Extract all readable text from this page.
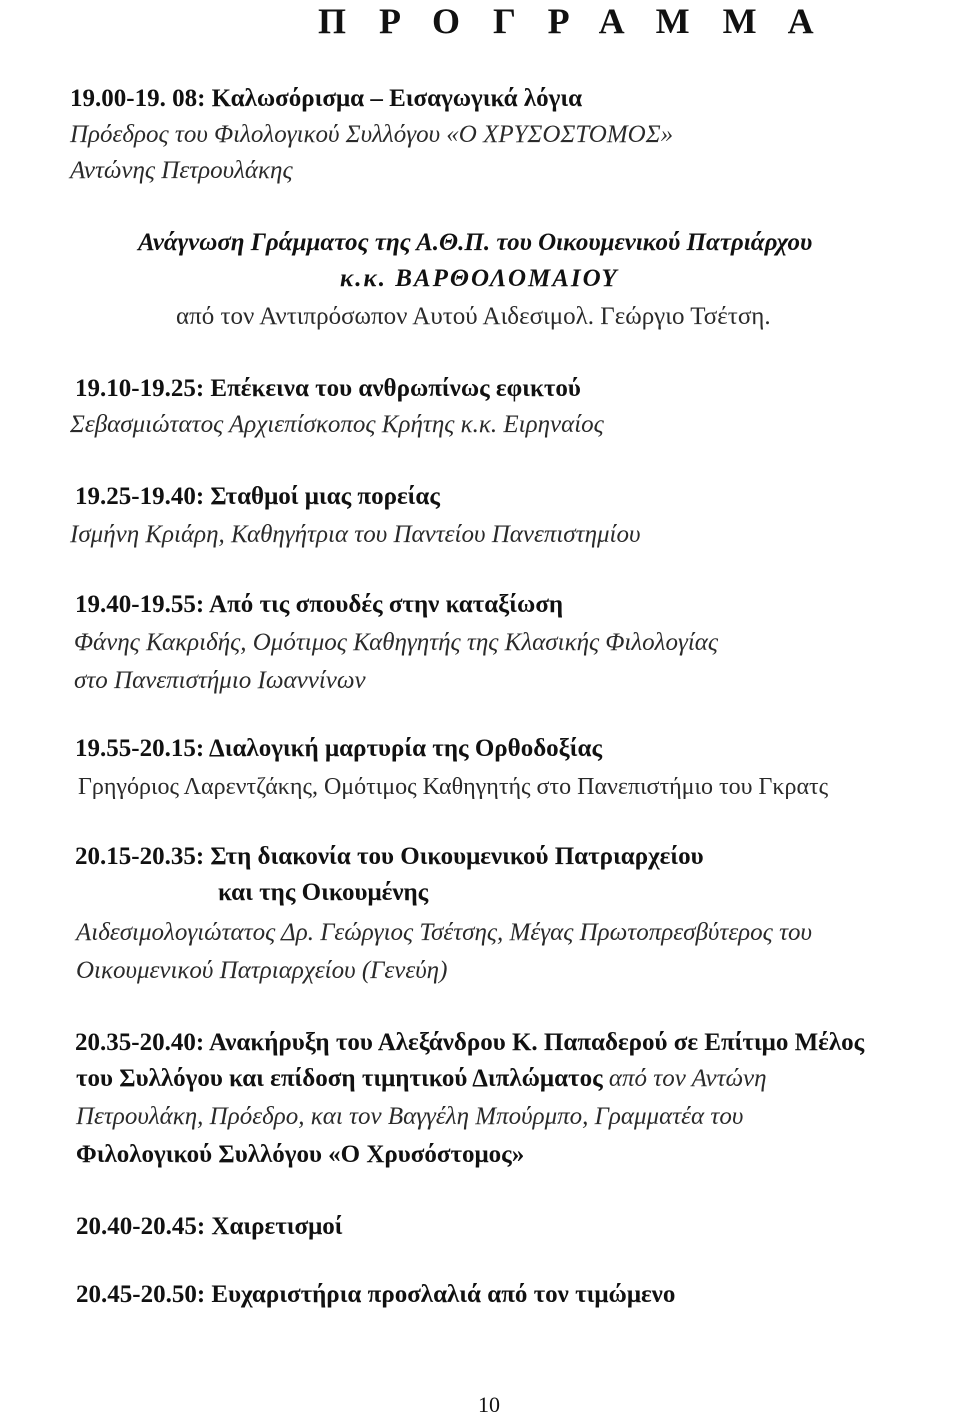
Π Ρ Ο Γ Ρ Α Μ Μ Α
19.00-19. 08: Καλωσόρισμα – Εισαγωγικά λόγια
Πρόεδρος του Φιλολογικού Συλλόγου «Ο ΧΡΥΣΟΣΤΟΜΟΣ»
Αντώνης Πετρουλάκης
Ανάγνωση Γράμματος της Α.Θ.Π. του Οικουμενικού Πατριάρχου
κ.κ. ΒΑΡΘΟΛΟΜΑΙΟΥ
από τον Αντιπρόσωπον Αυτού Αιδεσιμολ. Γεώργιο Τσέτση.
19.10-19.25: Επέκεινα του ανθρωπίνως εφικτού
Σεβασμιώτατος Αρχιεπίσκοπος Κρήτης κ.κ. Ειρηναίος
19.25-19.40: Σταθμοί μιας πορείας
Ισμήνη Κριάρη, Καθηγήτρια του Παντείου Πανεπιστημίου
19.40-19.55: Από τις σπουδές στην καταξίωση
Φάνης Κακριδής, Ομότιμος Καθηγητής της Κλασικής Φιλολογίας
στο Πανεπιστήμιο Ιωαννίνων
19.55-20.15: Διαλογική μαρτυρία της Ορθοδοξίας
Γρηγόριος Λαρεντζάκης, Ομότιμος Καθηγητής στο Πανεπιστήμιο του Γκρατς
20.15-20.35: Στη διακονία του Οικουμενικού Πατριαρχείου
και της Οικουμένης
Αιδεσιμολογιώτατος Δρ. Γεώργιος Τσέτσης, Μέγας Πρωτοπρεσβύτερος του
Οικουμενικού Πατριαρχείου (Γενεύη)
20.35-20.40: Ανακήρυξη του Αλεξάνδρου Κ. Παπαδερού σε Επίτιμο Μέλος
του Συλλόγου και επίδοση τιμητικού Διπλώματος από τον Αντώνη
Πετρουλάκη, Πρόεδρο, και τον Βαγγέλη Μπούρμπο, Γραμματέα του
Φιλολογικού Συλλόγου «Ο Χρυσόστομος»
20.40-20.45: Χαιρετισμοί
20.45-20.50: Ευχαριστήρια προσλαλιά από τον τιμώμενο
10
